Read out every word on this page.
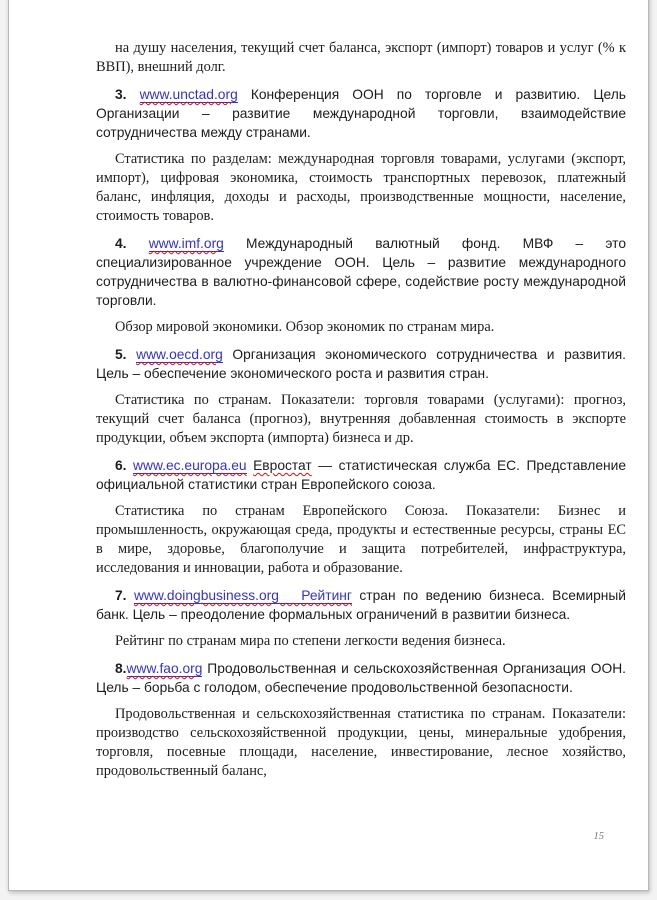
на душу населения, текущий счет баланса, экспорт (импорт) товаров и услуг (% к ВВП), внешний долг.

3. www.unctad.org Конференция ООН по торговле и развитию. Цель Организации – развитие международной торговли, взаимодействие сотрудничества между странами.

Статистика по разделам: международная торговля товарами, услугами (экспорт, импорт), цифровая экономика, стоимость транспортных перевозок, платежный баланс, инфляция, доходы и расходы, производственные мощности, население, стоимость товаров.

4. www.imf.org Международный валютный фонд. МВФ – это специализированное учреждение ООН. Цель – развитие международного сотрудничества в валютно-финансовой сфере, содействие росту международной торговли.

Обзор мировой экономики. Обзор экономик по странам мира.

5. www.oecd.org Организация экономического сотрудничества и развития. Цель – обеспечение экономического роста и развития стран.

Статистика по странам. Показатели: торговля товарами (услугами): прогноз, текущий счет баланса (прогноз), внутренняя добавленная стоимость в экспорте продукции, объем экспорта (импорта) бизнеса и др.

6. www.ec.europa.eu Евростат — статистическая служба ЕС. Представление официальной статистики стран Европейского союза.

Статистика по странам Европейского Союза. Показатели: Бизнес и промышленность, окружающая среда, продукты и естественные ресурсы, страны ЕС в мире, здоровье, благополучие и защита потребителей, инфраструктура, исследования и инновации, работа и образование.

7. www.doingbusiness.org   Рейтинг стран по ведению бизнеса. Всемирный банк. Цель – преодоление формальных ограничений в развитии бизнеса.

Рейтинг по странам мира по степени легкости ведения бизнеса.

8.www.fao.org Продовольственная и сельскохозяйственная Организация ООН. Цель – борьба с голодом, обеспечение продовольственной безопасности.

Продовольственная и сельскохозяйственная статистика по странам. Показатели: производство сельскохозяйственной продукции, цены, минеральные удобрения, торговля, посевные площади, население, инвестирование, лесное хозяйство, продовольственный баланс,

15
